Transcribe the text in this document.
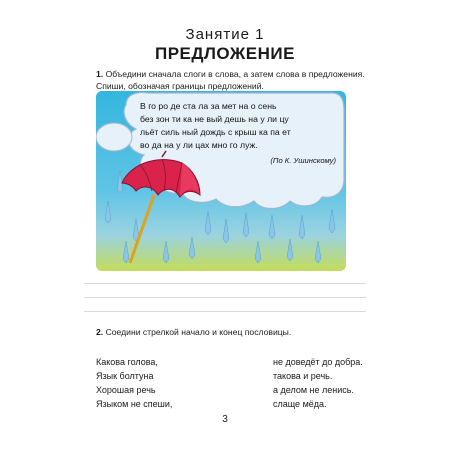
Занятие 1
ПРЕДЛОЖЕНИЕ
1. Объедини сначала слоги в слова, а затем слова в предложения.
Спиши, обозначая границы предложений.
В го ро де ста ла за мет на о сень
без зон ти ка не вый дешь на у ли цу
льёт силь ный дождь с крыш ка па ет
во да на у ли цах мно го луж.
(По К. Ушинскому)
2. Соедини стрелкой начало и конец пословицы.
Какова голова,
Язык болтуна
Хорошая речь
Языком не спеши,
не доведёт до добра.
такова и речь.
а делом не ленись.
слаще мёда.
3
